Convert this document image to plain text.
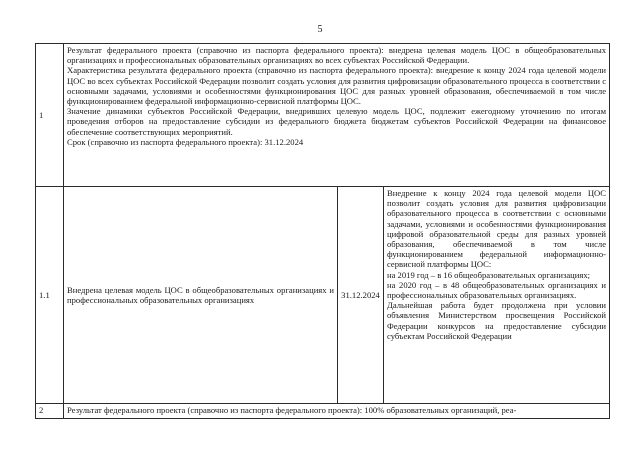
5
1	Результат федерального проекта (справочно из паспорта федерального проекта): внедрена целевая модель ЦОС в общеобразовательных организациях и профессиональных образовательных организациях во всех субъектах Российской Федерации.

Характеристика результата федерального проекта (справочно из паспорта федерального проекта): внедрение к концу 2024 года целевой модели ЦОС во всех субъектах Российской Федерации позволит создать условия для развития цифровизации образовательного процесса в соответствии с основными задачами, условиями и особенностями функционирования ЦОС для разных уровней образования, обеспечиваемой в том числе функционированием федеральной информационно-сервисной платформы ЦОС.

Значение динамики субъектов Российской Федерации, внедривших целевую модель ЦОС, подлежит ежегодному уточнению по итогам проведения отборов на предоставление субсидии из федерального бюджета бюджетам субъектов Российской Федерации на финансовое обеспечение соответствующих мероприятий.

Срок (справочно из паспорта федерального проекта): 31.12.2024		

1.1	Внедрена целевая модель ЦОС в общеобразовательных организациях и профессиональных образовательных организациях	31.12.2024	Внедрение к концу 2024 года целевой модели ЦОС позволит создать условия для развития цифровизации образовательного процесса в соответствии с основными задачами, условиями и особенностями функционирования цифровой образовательной среды для разных уровней образования, обеспечиваемой в том числе функционированием федеральной информационно-сервисной платформы ЦОС:

на 2019 год – в 16 общеобразовательных организациях;

на 2020 год – в 48 общеобразовательных организациях и профессиональных образовательных организациях.

Дальнейшая работа будет продолжена при условии объявления Министерством просвещения Российской Федерации конкурсов на предоставление субсидии субъектам Российской Федерации

2	Результат федерального проекта (справочно из паспорта федерального проекта): 100% образовательных организаций, реа-		
